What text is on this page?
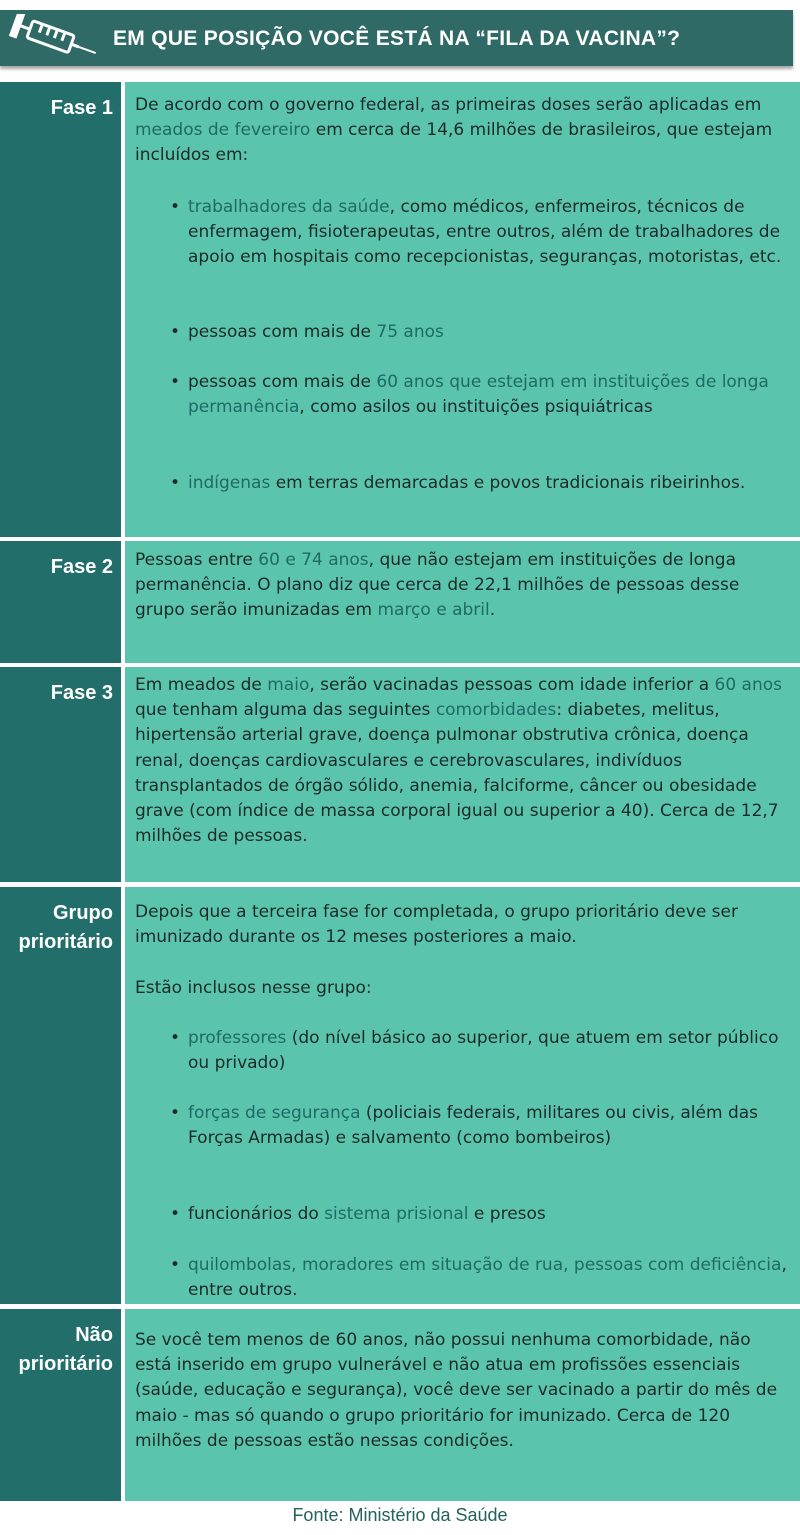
EM QUE POSIÇÃO VOCÊ ESTÁ NA “FILA DA VACINA”?
Fase 1 De acordo com o governo federal, as primeiras doses serão aplicadas em meados de fevereiro em cerca de 14,6 milhões de brasileiros, que estejam incluídos em:

• trabalhadores da saúde, como médicos, enfermeiros, técnicos de enfermagem, fisioterapeutas, entre outros, além de trabalhadores de apoio em hospitais como recepcionistas, seguranças, motoristas, etc.
• pessoas com mais de 75 anos
• pessoas com mais de 60 anos que estejam em instituições de longa permanência, como asilos ou instituições psiquiátricas
• indígenas em terras demarcadas e povos tradicionais ribeirinhos.
Fase 2 Pessoas entre 60 e 74 anos, que não estejam em instituições de longa permanência. O plano diz que cerca de 22,1 milhões de pessoas desse grupo serão imunizadas em março e abril.

Fase 3 Em meados de maio, serão vacinadas pessoas com idade inferior a 60 anos que tenham alguma das seguintes comorbidades: diabetes, melitus, hipertensão arterial grave, doença pulmonar obstrutiva crônica, doença renal, doenças cardiovasculares e cerebrovasculares, indivíduos transplantados de órgão sólido, anemia, falciforme, câncer ou obesidade grave (com índice de massa corporal igual ou superior a 40). Cerca de 12,7 milhões de pessoas.

Grupo prioritário

Depois que a terceira fase for completada, o grupo prioritário deve ser imunizado durante os 12 meses posteriores a maio.

Estão inclusos nesse grupo:

• professores (do nível básico ao superior, que atuem em setor público ou privado)
• forças de segurança (policiais federais, militares ou civis, além das Forças Armadas) e salvamento (como bombeiros)
• funcionários do sistema prisional e presos
• quilombolas, moradores em situação de rua, pessoas com deficiência, entre outros.
Não prioritário

Se você tem menos de 60 anos, não possui nenhuma comorbidade, não está inserido em grupo vulnerável e não atua em profissões essenciais (saúde, educação e segurança), você deve ser vacinado a partir do mês de maio - mas só quando o grupo prioritário for imunizado. Cerca de 120 milhões de pessoas estão nessas condições.

Fonte: Ministério da Saúde
